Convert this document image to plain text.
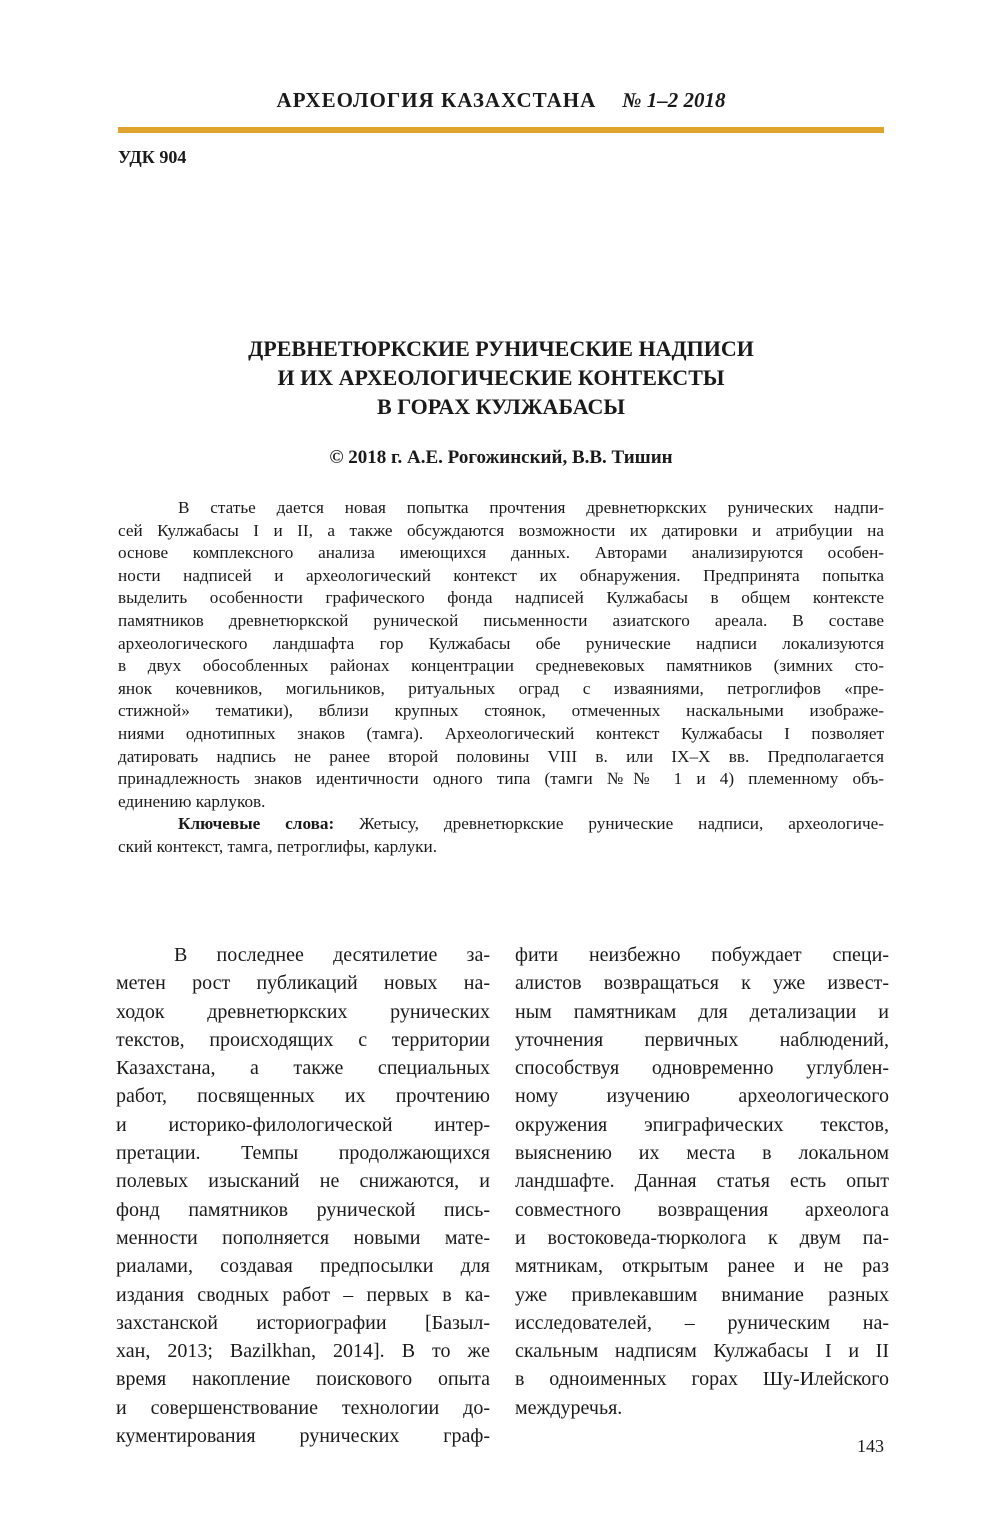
АРХЕОЛОГИЯ КАЗАХСТАНА № 1–2 2018
УДК 904
ДРЕВНЕТЮРКСКИЕ РУНИЧЕСКИЕ НАДПИСИ
И ИХ АРХЕОЛОГИЧЕСКИЕ КОНТЕКСТЫ
В ГОРАХ КУЛЖАБАСЫ
© 2018 г. А.Е. Рогожинский, В.В. Тишин
В статье дается новая попытка прочтения древнетюркских рунических надпи-
сей Кулжабасы I и II, а также обсуждаются возможности их датировки и атрибуции на
основе комплексного анализа имеющихся данных. Авторами анализируются особен-
ности надписей и археологический контекст их обнаружения. Предпринята попытка
выделить особенности графического фонда надписей Кулжабасы в общем контексте
памятников древнетюркской рунической письменности азиатского ареала. В составе
археологического ландшафта гор Кулжабасы обе рунические надписи локализуются
в двух обособленных районах концентрации средневековых памятников (зимних сто-
янок кочевников, могильников, ритуальных оград с изваяниями, петроглифов «пре-
стижной» тематики), вблизи крупных стоянок, отмеченных наскальными изображе-
ниями однотипных знаков (тамга). Археологический контекст Кулжабасы I позволяет
датировать надпись не ранее второй половины VIII в. или IX–X вв. Предполагается
принадлежность знаков идентичности одного типа (тамги №№ 1 и 4) племенному объ-
единению карлуков.
Ключевые слова: Жетысу, древнетюркские рунические надписи, археологиче-
ский контекст, тамга, петроглифы, карлуки.
В последнее десятилетие за-
метен рост публикаций новых на-
ходок древнетюркских рунических
текстов, происходящих с территории
Казахстана, а также специальных
работ, посвященных их прочтению
и историко-филологической интер-
претации. Темпы продолжающихся
полевых изысканий не снижаются, и
фонд памятников рунической пись-
менности пополняется новыми мате-
риалами, создавая предпосылки для
издания сводных работ – первых в ка-
захстанской историографии [Базыл-
хан, 2013; Bazilkhan, 2014]. В то же
время накопление поискового опыта
и совершенствование технологии до-
кументирования рунических граф-
фити неизбежно побуждает специ-
алистов возвращаться к уже извест-
ным памятникам для детализации и
уточнения первичных наблюдений,
способствуя одновременно углублен-
ному изучению археологического
окружения эпиграфических текстов,
выяснению их места в локальном
ландшафте. Данная статья есть опыт
совместного возвращения археолога
и востоковеда-тюрколога к двум па-
мятникам, открытым ранее и не раз
уже привлекавшим внимание разных
исследователей, – руническим на-
скальным надписям Кулжабасы I и II
в одноименных горах Шу-Илейского
междуречья.
143
